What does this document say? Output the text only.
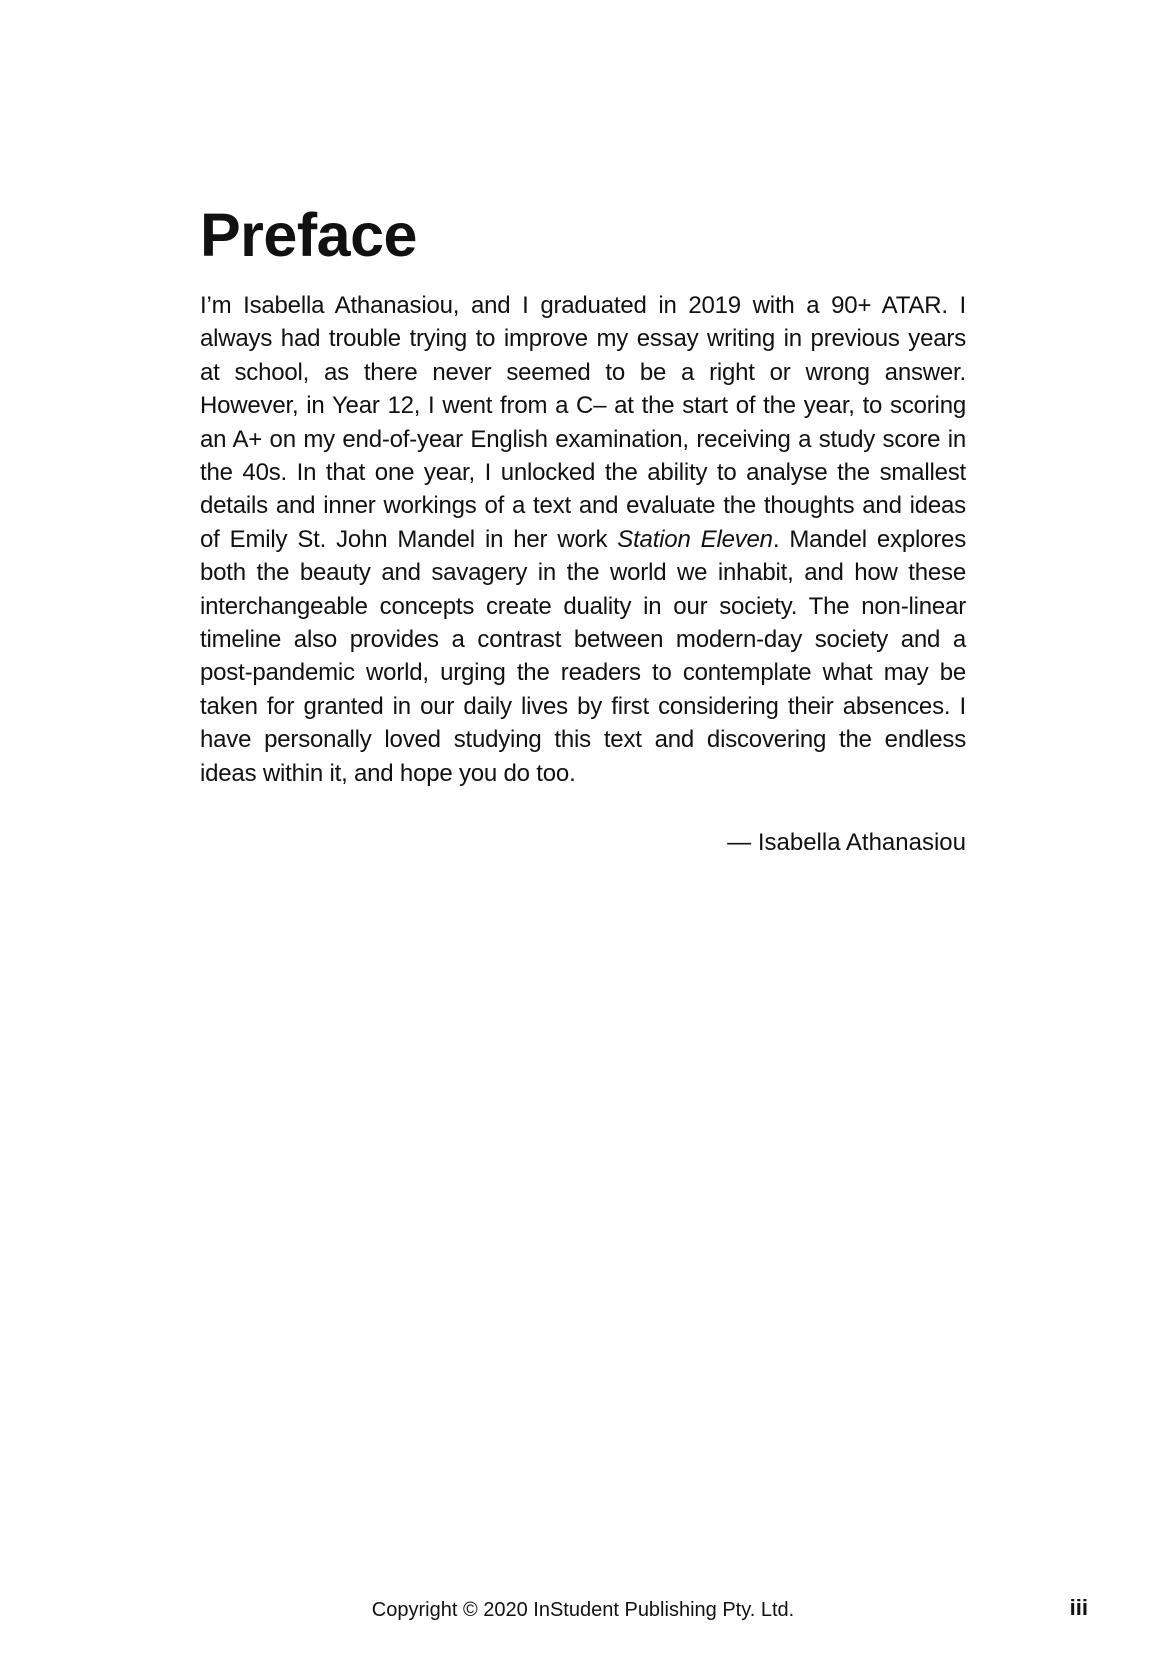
Preface

I’m Isabella Athanasiou, and I graduated in 2019 with a 90+ ATAR. I always had trouble trying to improve my essay writing in previous years at school, as there never seemed to be a right or wrong answer. However, in Year 12, I went from a C– at the start of the year, to scoring an A+ on my end-of-year English examination, receiving a study score in the 40s. In that one year, I unlocked the ability to analyse the smallest details and inner workings of a text and evaluate the thoughts and ideas of Emily St. John Mandel in her work Station Eleven. Mandel explores both the beauty and savagery in the world we inhabit, and how these interchangeable concepts create duality in our society. The non-linear timeline also provides a contrast between modern-day society and a post-pandemic world, urging the readers to contemplate what may be taken for granted in our daily lives by first considering their absences. I have personally loved studying this text and discovering the endless ideas within it, and hope you do too.

— Isabella Athanasiou

Copyright © 2020 InStudent Publishing Pty. Ltd.	iii
